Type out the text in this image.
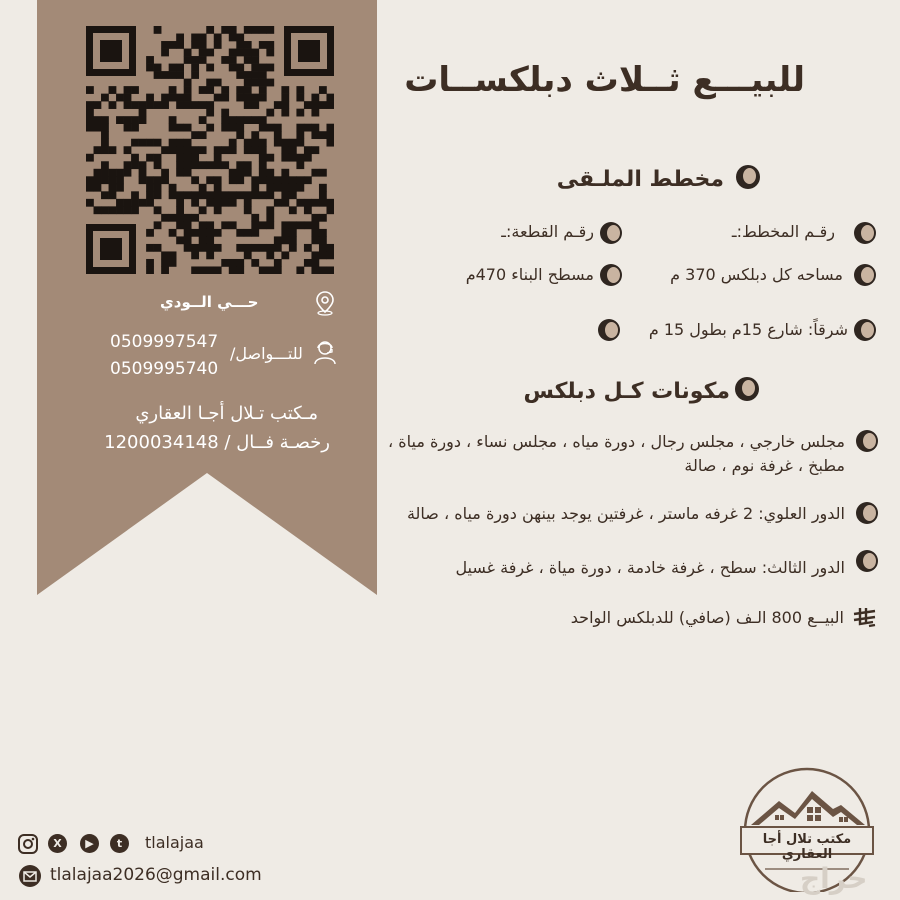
حـــي الــودي
0509997547
0509995740
للتـــواصل/
مـكتب تـلال أجـا العقاري
رخصـة فــال / 1200034148
للبيـــع ثــلاث دبلكســات
مخطط الملـقى
رقـم المخطط:ـ
رقـم القطعة:ـ
مساحه كل دبلكس 370 م
مسطح البناء 470م
شرقاً: شارع 15م بطول 15 م
مكونات كـل دبلكس
مجلس خارجي ، مجلس رجال ، دورة مياه ، مجلس نساء ، دورة مياة ، مطبخ ، غرفة نوم ، صالة
الدور العلوي: 2 غرفه ماستر ، غرفتين يوجد بينهن دورة مياه ، صالة
الدور الثالث: سطح ، غرفة خادمة ، دورة مياة ، غرفة غسيل
البيــع 800 الـف (صافي) للدبلكس الواحد
مكتب تلال أجا العقاري
حراج
X	▶	t	tlalajaa
tlalajaa2026@gmail.com
